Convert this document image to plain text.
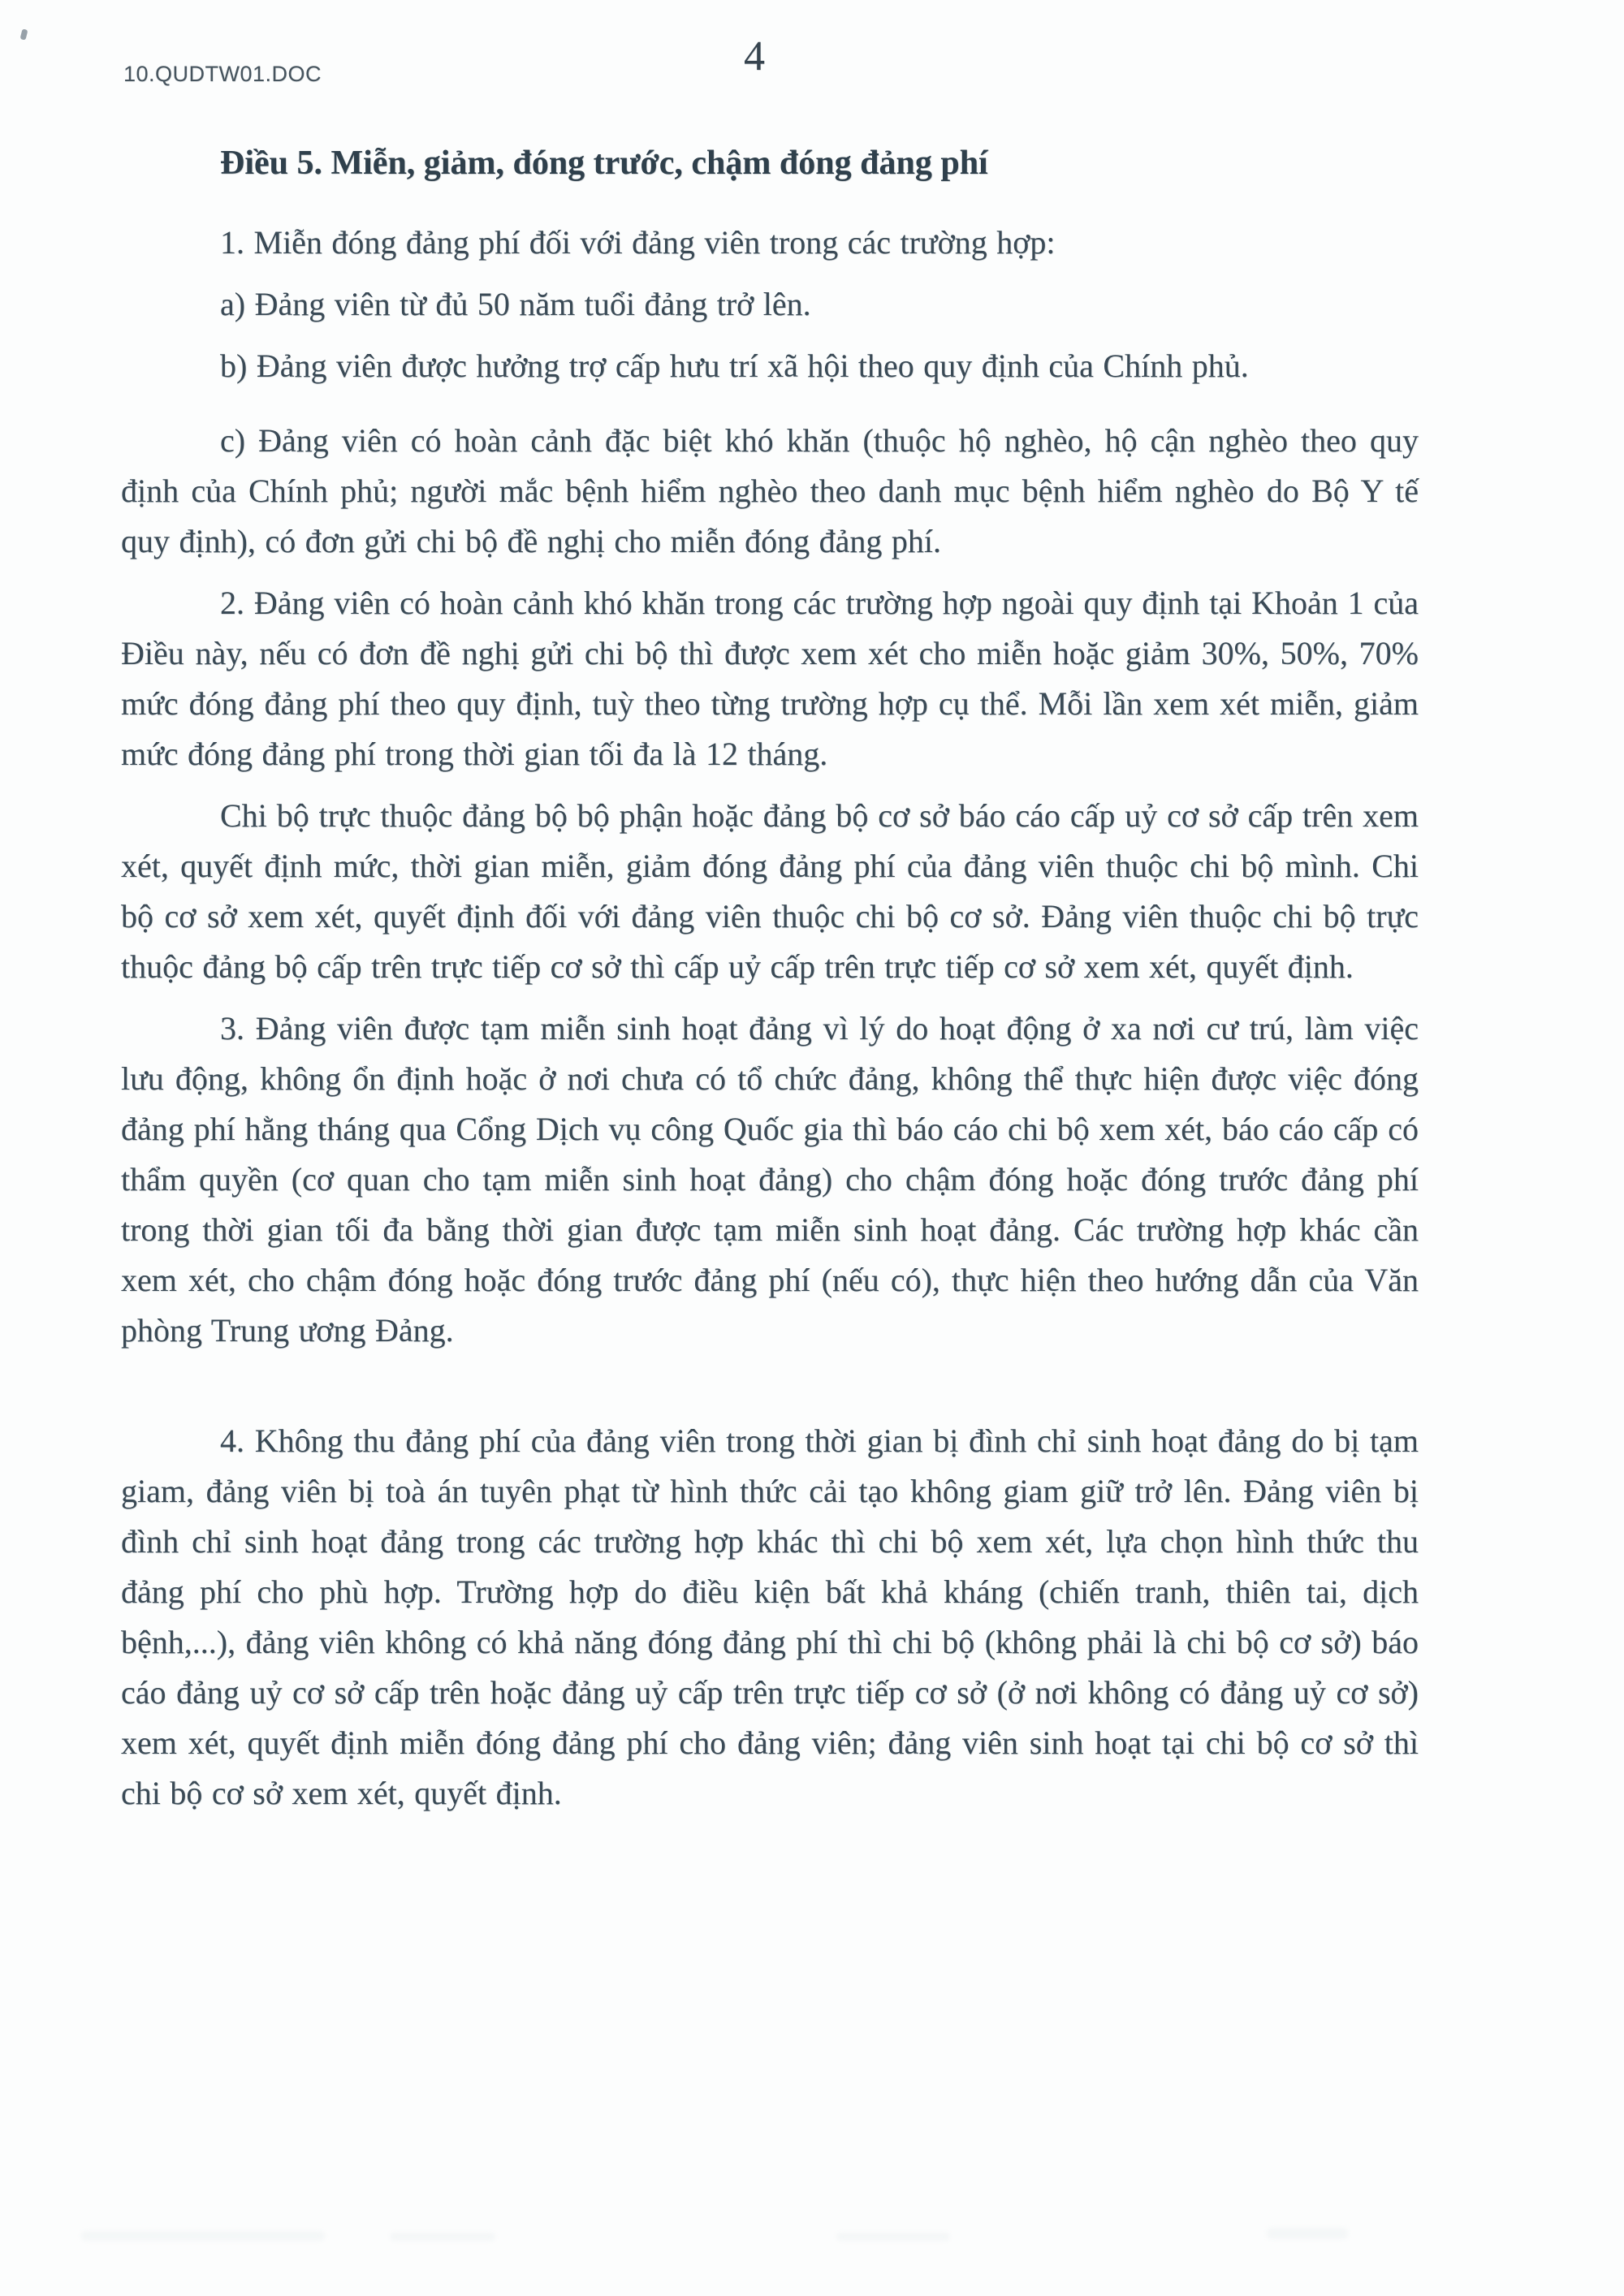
10.QUDTW01.DOC	4
Điều 5. Miễn, giảm, đóng trước, chậm đóng đảng phí

1. Miễn đóng đảng phí đối với đảng viên trong các trường hợp:

a) Đảng viên từ đủ 50 năm tuổi đảng trở lên.

b) Đảng viên được hưởng trợ cấp hưu trí xã hội theo quy định của Chính phủ.

c) Đảng viên có hoàn cảnh đặc biệt khó khăn (thuộc hộ nghèo, hộ cận nghèo theo quy định của Chính phủ; người mắc bệnh hiểm nghèo theo danh mục bệnh hiểm nghèo do Bộ Y tế quy định), có đơn gửi chi bộ đề nghị cho miễn đóng đảng phí.

2. Đảng viên có hoàn cảnh khó khăn trong các trường hợp ngoài quy định tại Khoản 1 của Điều này, nếu có đơn đề nghị gửi chi bộ thì được xem xét cho miễn hoặc giảm 30%, 50%, 70% mức đóng đảng phí theo quy định, tuỳ theo từng trường hợp cụ thể. Mỗi lần xem xét miễn, giảm mức đóng đảng phí trong thời gian tối đa là 12 tháng.

Chi bộ trực thuộc đảng bộ bộ phận hoặc đảng bộ cơ sở báo cáo cấp uỷ cơ sở cấp trên xem xét, quyết định mức, thời gian miễn, giảm đóng đảng phí của đảng viên thuộc chi bộ mình. Chi bộ cơ sở xem xét, quyết định đối với đảng viên thuộc chi bộ cơ sở. Đảng viên thuộc chi bộ trực thuộc đảng bộ cấp trên trực tiếp cơ sở thì cấp uỷ cấp trên trực tiếp cơ sở xem xét, quyết định.

3. Đảng viên được tạm miễn sinh hoạt đảng vì lý do hoạt động ở xa nơi cư trú, làm việc lưu động, không ổn định hoặc ở nơi chưa có tổ chức đảng, không thể thực hiện được việc đóng đảng phí hằng tháng qua Cổng Dịch vụ công Quốc gia thì báo cáo chi bộ xem xét, báo cáo cấp có thẩm quyền (cơ quan cho tạm miễn sinh hoạt đảng) cho chậm đóng hoặc đóng trước đảng phí trong thời gian tối đa bằng thời gian được tạm miễn sinh hoạt đảng. Các trường hợp khác cần xem xét, cho chậm đóng hoặc đóng trước đảng phí (nếu có), thực hiện theo hướng dẫn của Văn phòng Trung ương Đảng.

4. Không thu đảng phí của đảng viên trong thời gian bị đình chỉ sinh hoạt đảng do bị tạm giam, đảng viên bị toà án tuyên phạt từ hình thức cải tạo không giam giữ trở lên. Đảng viên bị đình chỉ sinh hoạt đảng trong các trường hợp khác thì chi bộ xem xét, lựa chọn hình thức thu đảng phí cho phù hợp. Trường hợp do điều kiện bất khả kháng (chiến tranh, thiên tai, dịch bệnh,...), đảng viên không có khả năng đóng đảng phí thì chi bộ (không phải là chi bộ cơ sở) báo cáo đảng uỷ cơ sở cấp trên hoặc đảng uỷ cấp trên trực tiếp cơ sở (ở nơi không có đảng uỷ cơ sở) xem xét, quyết định miễn đóng đảng phí cho đảng viên; đảng viên sinh hoạt tại chi bộ cơ sở thì chi bộ cơ sở xem xét, quyết định.
